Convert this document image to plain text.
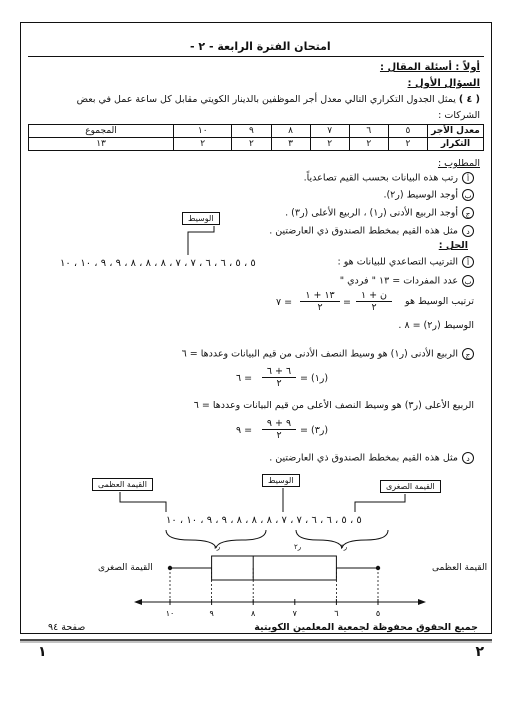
امتحان الفترة الرابعة - ٢ -
أولاً : أسئلة المقال :
السؤال الأول :
( ٤ ) يمثل الجدول التكراري التالي معدل أجر الموظفين بالدينار الكويتي مقابل كل ساعة عمل في بعض
الشركات :
معدل الأجر	٥	٦	٧	٨	٩	١٠	المجموع
التكرار	٢	٢	٢	٣	٢	٢	١٣
المطلوب :
أرتب هذه البيانات بحسب القيم تصاعدياً.
بأوجد الوسيط (ر٢).
جأوجد الربيع الأدنى (ر١) ، الربيع الأعلى (ر٣) .
دمثل هذه القيم بمخطط الصندوق ذي العارضتين .
الحل :
الوسيط
أالترتيب التصاعدي للبيانات هو :
٥ ، ٥ ، ٦ ، ٦ ، ٧ ، ٧ ، ٨ ، ٨ ، ٨ ، ٩ ، ٩ ، ١٠ ، ١٠
بعدد المفردات = ١٣ " فردي "
ترتيب الوسيط هو
ن + ١
٢
=
١٣ + ١
٢
= ٧
الوسيط (ر٢) = ٨ .
جالربيع الأدنى (ر١) هو وسيط النصف الأدنى من قيم البيانات وعددها = ٦
(ر١) =
٦ + ٦
٢
= ٦
الربيع الأعلى (ر٣) هو وسيط النصف الأعلى من قيم البيانات وعددها = ٦
(ر٣) =
٩ + ٩
٢
= ٩
دمثل هذه القيم بمخطط الصندوق ذي العارضتين .
القيمة العظمى	الوسيط
القيمة الصغرى
٥ ، ٥ ، ٦ ، ٦ ، ٧ ، ٧ ، ٨ ، ٨ ، ٨ ، ٩ ، ٩ ، ١٠ ، ١٠
ر١	ر٢	ر٣
القيمة الصغرى	القيمة العظمى
٥
٦
٧
٨
٩
١٠
جميع الحقوق محفوظة لجمعية المعلمين الكويتية
صفحة ٩٤
١	٢
